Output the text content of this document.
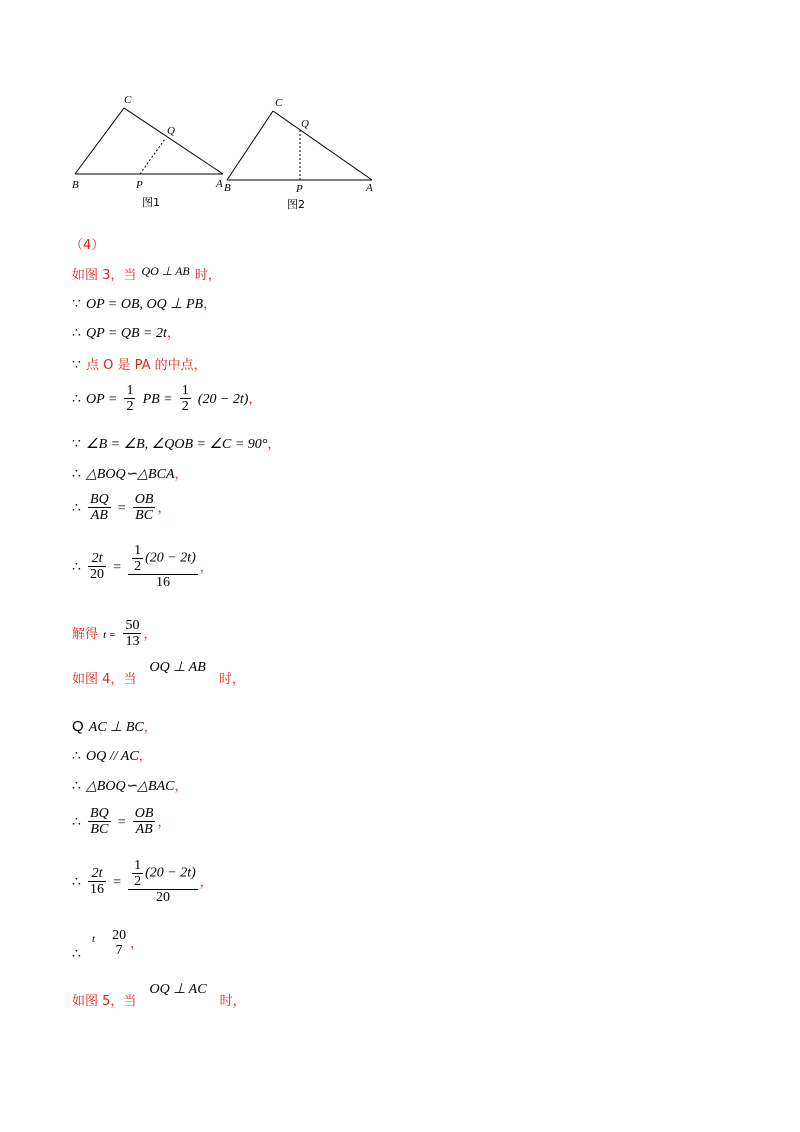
C
Q
B	P	A
图1
C
Q
B	P	A
图2
（4）
如图 3，当 $^{QO \perp AB}$ 时，
∵ OP = OB, OQ ⊥ PB，
∴ QP = QB = 2t，
∵ 点 O 是 PA 的中点，
∴ OP = $\frac{1}{2}$ PB = $\frac{1}{2} (20 - 2t)$，
∵ ∠B = ∠B, ∠QOB = ∠C = 90°，
∴ △BOQ∽△BCA，
∴ $\frac{BQ}{AB} = \frac{OB}{BC}$ ，
∴ $\frac{2t}{20} = \frac{\frac{1}{2} (20 - 2t)}{16}$ ，
解得 $t = \frac{50}{13}$ ，
如图 4，当 OQ ⊥ AB 时，
Q AC ⊥ BC，
∴ OQ // AC，
∴ △BOQ∽△BAC，
∴ $\frac{BQ}{BC} = \frac{OB}{AB}$ ，
∴ $\frac{2t}{16} = \frac{\frac{1}{2} (20 - 2t)}{20}$ ，
∴ $^t$ 20
7 ，
如图 5，当 OQ ⊥ AC 时，
